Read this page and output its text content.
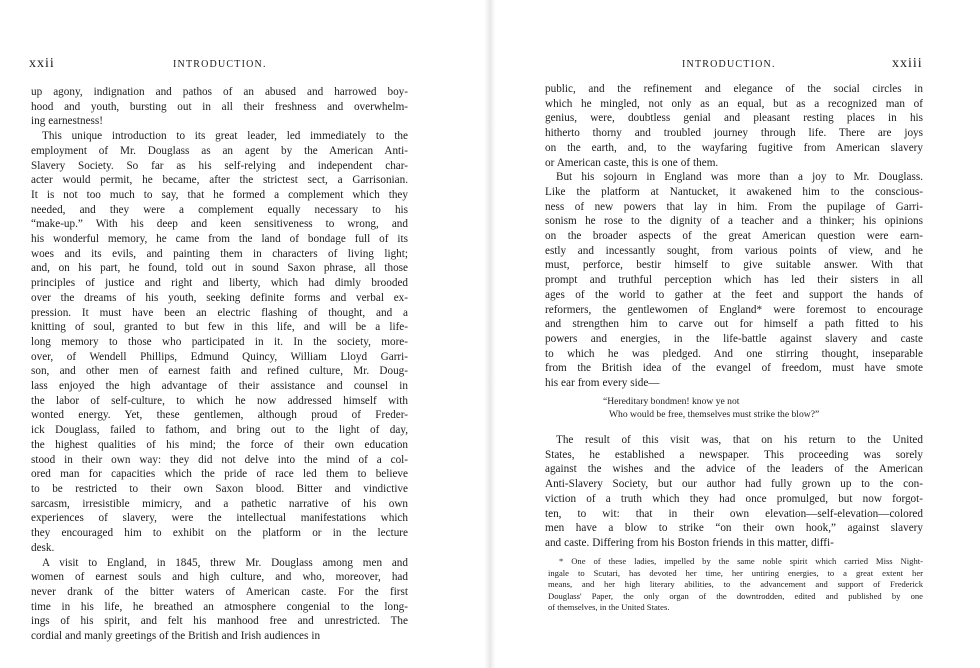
xxii	INTRODUCTION.
up agony, indignation and pathos of an abused and harrowed boy-
hood and youth, bursting out in all their freshness and overwhelm-
ing earnestness!
This unique introduction to its great leader, led immediately to the
employment of Mr. Douglass as an agent by the American Anti-
Slavery Society. So far as his self-relying and independent char-
acter would permit, he became, after the strictest sect, a Garrisonian.
It is not too much to say, that he formed a complement which they
needed, and they were a complement equally necessary to his
“make-up.” With his deep and keen sensitiveness to wrong, and
his wonderful memory, he came from the land of bondage full of its
woes and its evils, and painting them in characters of living light;
and, on his part, he found, told out in sound Saxon phrase, all those
principles of justice and right and liberty, which had dimly brooded
over the dreams of his youth, seeking definite forms and verbal ex-
pression. It must have been an electric flashing of thought, and a
knitting of soul, granted to but few in this life, and will be a life-
long memory to those who participated in it. In the society, more-
over, of Wendell Phillips, Edmund Quincy, William Lloyd Garri-
son, and other men of earnest faith and refined culture, Mr. Doug-
lass enjoyed the high advantage of their assistance and counsel in
the labor of self-culture, to which he now addressed himself with
wonted energy. Yet, these gentlemen, although proud of Freder-
ick Douglass, failed to fathom, and bring out to the light of day,
the highest qualities of his mind; the force of their own education
stood in their own way: they did not delve into the mind of a col-
ored man for capacities which the pride of race led them to believe
to be restricted to their own Saxon blood. Bitter and vindictive
sarcasm, irresistible mimicry, and a pathetic narrative of his own
experiences of slavery, were the intellectual manifestations which
they encouraged him to exhibit on the platform or in the lecture
desk.
A visit to England, in 1845, threw Mr. Douglass among men and
women of earnest souls and high culture, and who, moreover, had
never drank of the bitter waters of American caste. For the first
time in his life, he breathed an atmosphere congenial to the long-
ings of his spirit, and felt his manhood free and unrestricted. The
cordial and manly greetings of the British and Irish audiences in
INTRODUCTION.	xxiii
public, and the refinement and elegance of the social circles in
which he mingled, not only as an equal, but as a recognized man of
genius, were, doubtless genial and pleasant resting places in his
hitherto thorny and troubled journey through life. There are joys
on the earth, and, to the wayfaring fugitive from American slavery
or American caste, this is one of them.
But his sojourn in England was more than a joy to Mr. Douglass.
Like the platform at Nantucket, it awakened him to the conscious-
ness of new powers that lay in him. From the pupilage of Garri-
sonism he rose to the dignity of a teacher and a thinker; his opinions
on the broader aspects of the great American question were earn-
estly and incessantly sought, from various points of view, and he
must, perforce, bestir himself to give suitable answer. With that
prompt and truthful perception which has led their sisters in all
ages of the world to gather at the feet and support the hands of
reformers, the gentlewomen of England* were foremost to encourage
and strengthen him to carve out for himself a path fitted to his
powers and energies, in the life-battle against slavery and caste
to which he was pledged. And one stirring thought, inseparable
from the British idea of the evangel of freedom, must have smote
his ear from every side—
“Hereditary bondmen! know ye not
Who would be free, themselves must strike the blow?”
The result of this visit was, that on his return to the United
States, he established a newspaper. This proceeding was sorely
against the wishes and the advice of the leaders of the American
Anti-Slavery Society, but our author had fully grown up to the con-
viction of a truth which they had once promulged, but now forgot-
ten, to wit: that in their own elevation—self-elevation—colored
men have a blow to strike “on their own hook,” against slavery
and caste. Differing from his Boston friends in this matter, diffi-
* One of these ladies, impelled by the same noble spirit which carried Miss Night-
ingale to Scutari, has devoted her time, her untiring energies, to a great extent her
means, and her high literary abilities, to the advancement and support of Frederick
Douglass' Paper, the only organ of the downtrodden, edited and published by one
of themselves, in the United States.
